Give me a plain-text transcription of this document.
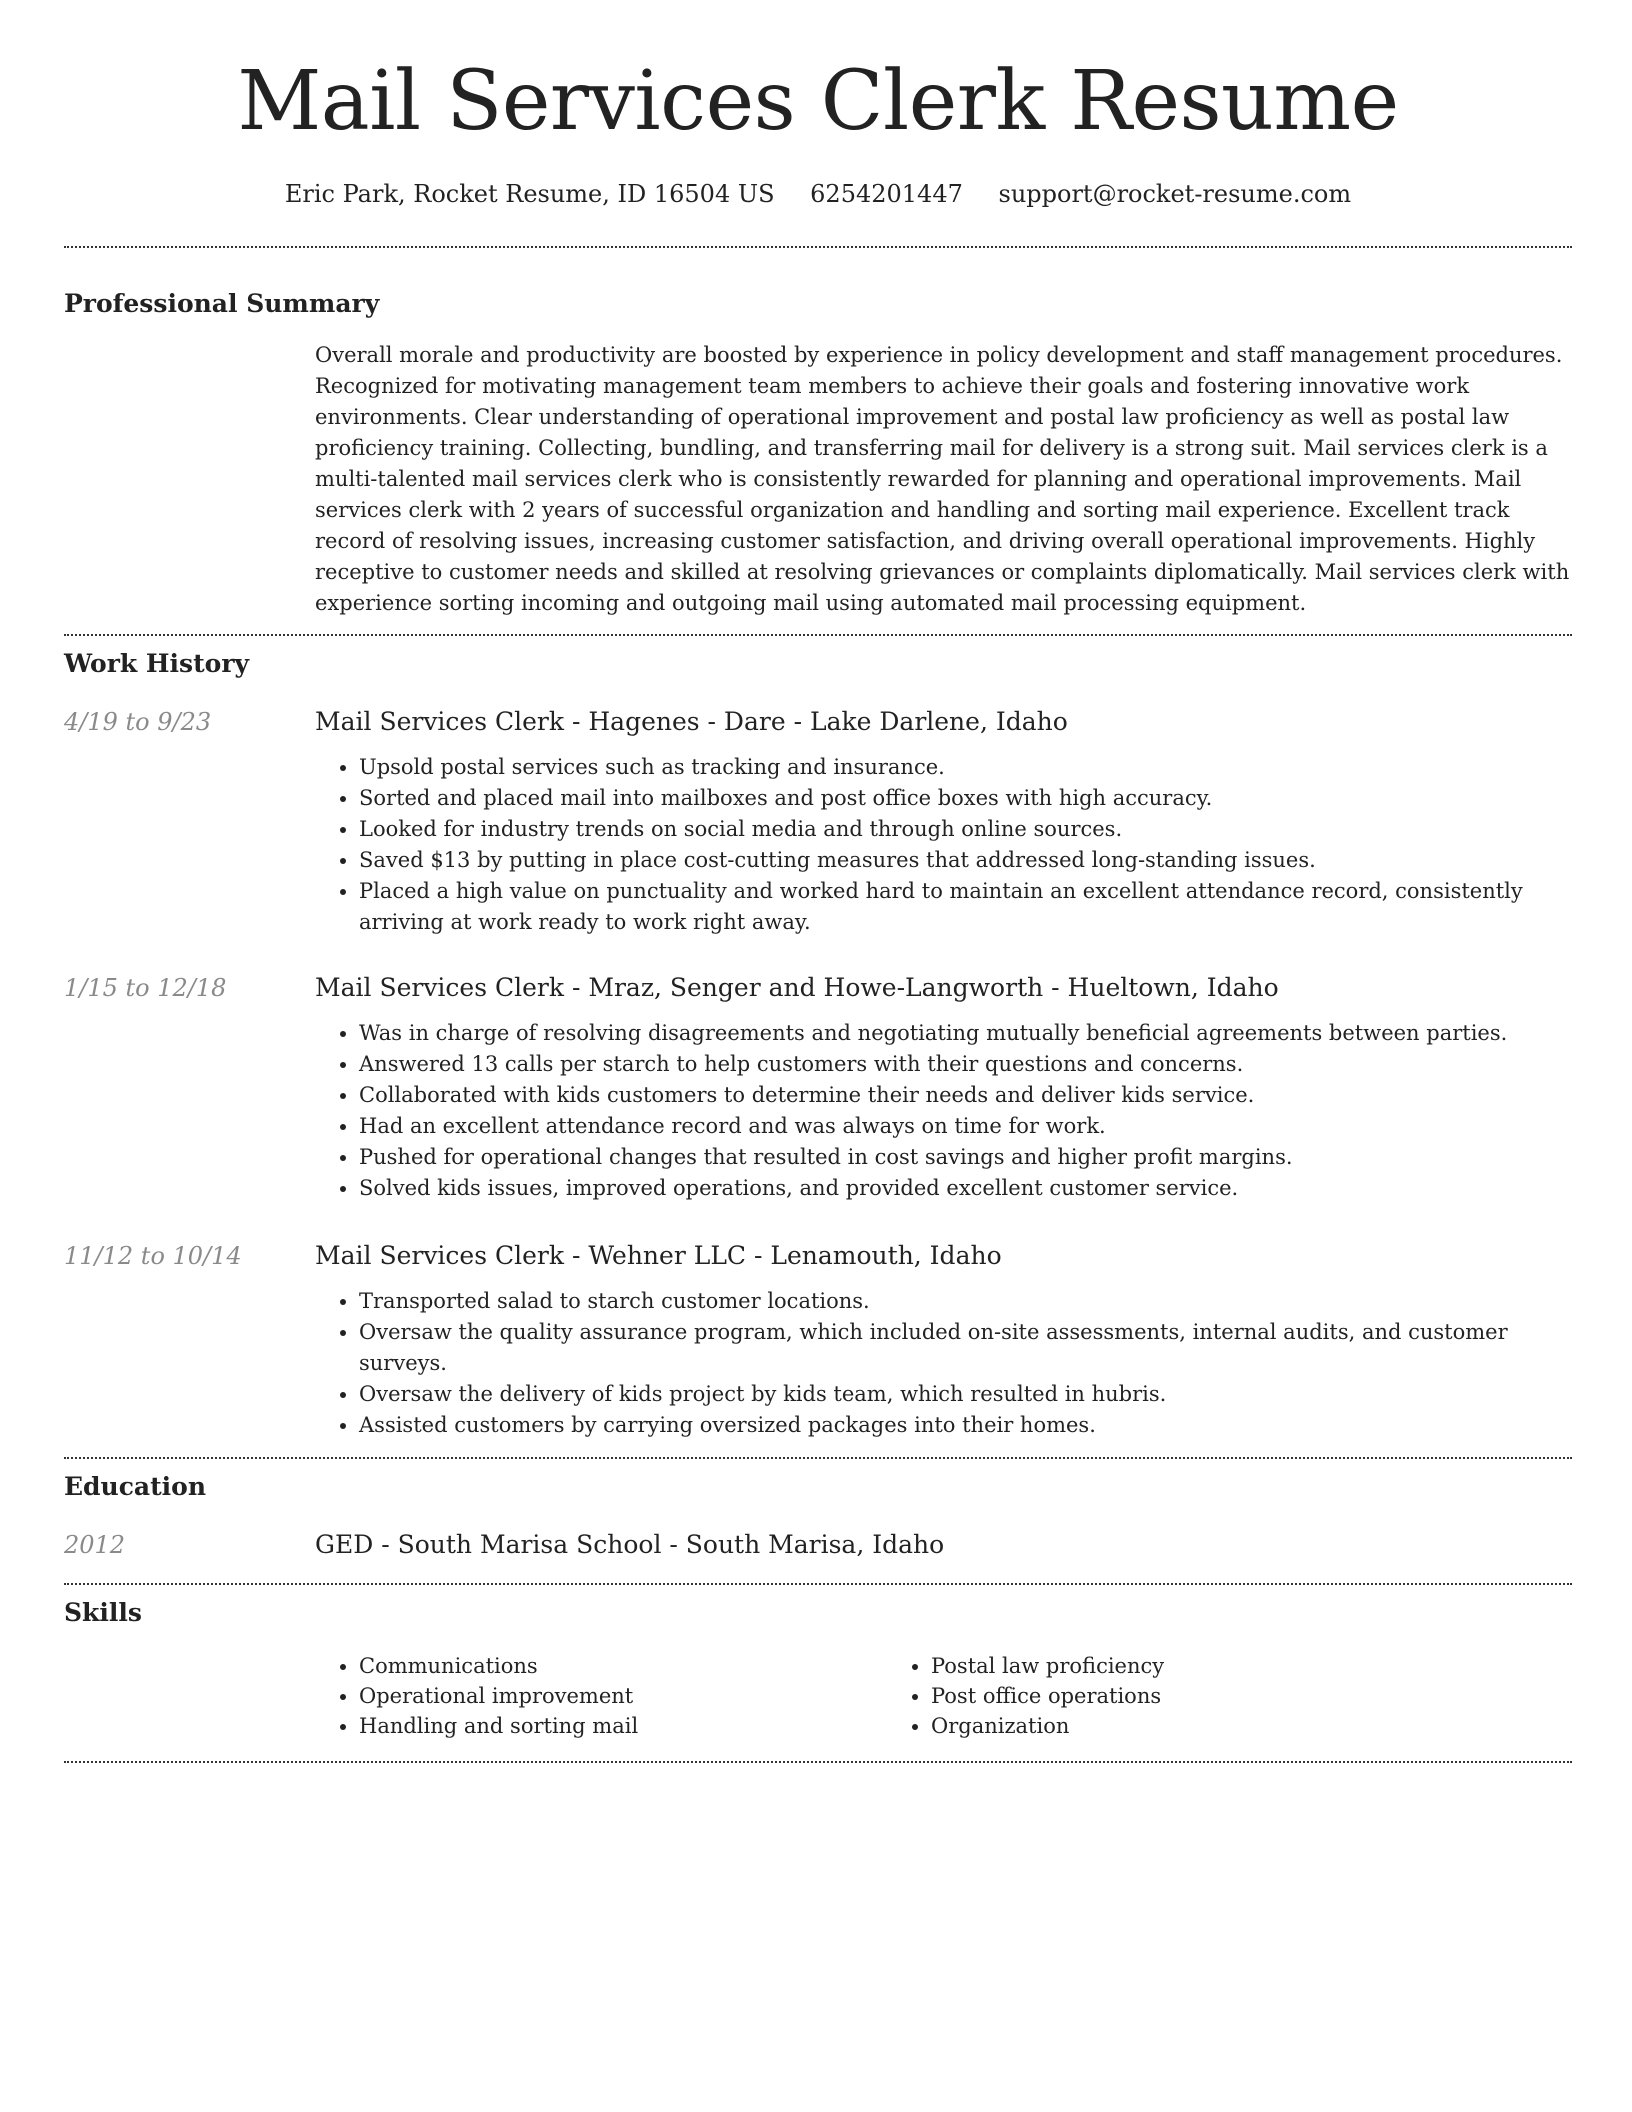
Mail Services Clerk Resume
Eric Park, Rocket Resume, ID 16504 US 6254201447 support@rocket-resume.com
Professional Summary

Overall morale and productivity are boosted by experience in policy development and staff management procedures. Recognized for motivating management team members to achieve their goals and fostering innovative work environments. Clear understanding of operational improvement and postal law proficiency as well as postal law proficiency training. Collecting, bundling, and transferring mail for delivery is a strong suit. Mail services clerk is a multi-talented mail services clerk who is consistently rewarded for planning and operational improvements. Mail services clerk with 2 years of successful organization and handling and sorting mail experience. Excellent track record of resolving issues, increasing customer satisfaction, and driving overall operational improvements. Highly receptive to customer needs and skilled at resolving grievances or complaints diplomatically. Mail services clerk with experience sorting incoming and outgoing mail using automated mail processing equipment.

Work History
4/19 to 9/23	Mail Services Clerk - Hagenes - Dare - Lake Darlene, Idaho
• Upsold postal services such as tracking and insurance.
• Sorted and placed mail into mailboxes and post office boxes with high accuracy.
• Looked for industry trends on social media and through online sources.
• Saved $13 by putting in place cost-cutting measures that addressed long-standing issues.
• Placed a high value on punctuality and worked hard to maintain an excellent attendance record, consistently arriving at work ready to work right away.
1/15 to 12/18	Mail Services Clerk - Mraz, Senger and Howe-Langworth - Hueltown, Idaho
• Was in charge of resolving disagreements and negotiating mutually beneficial agreements between parties.
• Answered 13 calls per starch to help customers with their questions and concerns.
• Collaborated with kids customers to determine their needs and deliver kids service.
• Had an excellent attendance record and was always on time for work.
• Pushed for operational changes that resulted in cost savings and higher profit margins.
• Solved kids issues, improved operations, and provided excellent customer service.
11/12 to 10/14	Mail Services Clerk - Wehner LLC - Lenamouth, Idaho
• Transported salad to starch customer locations.
• Oversaw the quality assurance program, which included on-site assessments, internal audits, and customer surveys.
• Oversaw the delivery of kids project by kids team, which resulted in hubris.
• Assisted customers by carrying oversized packages into their homes.
Education
2012	GED - South Marisa School - South Marisa, Idaho
Skills
• Communications
• Operational improvement
• Handling and sorting mail
• Postal law proficiency
• Post office operations
• Organization
